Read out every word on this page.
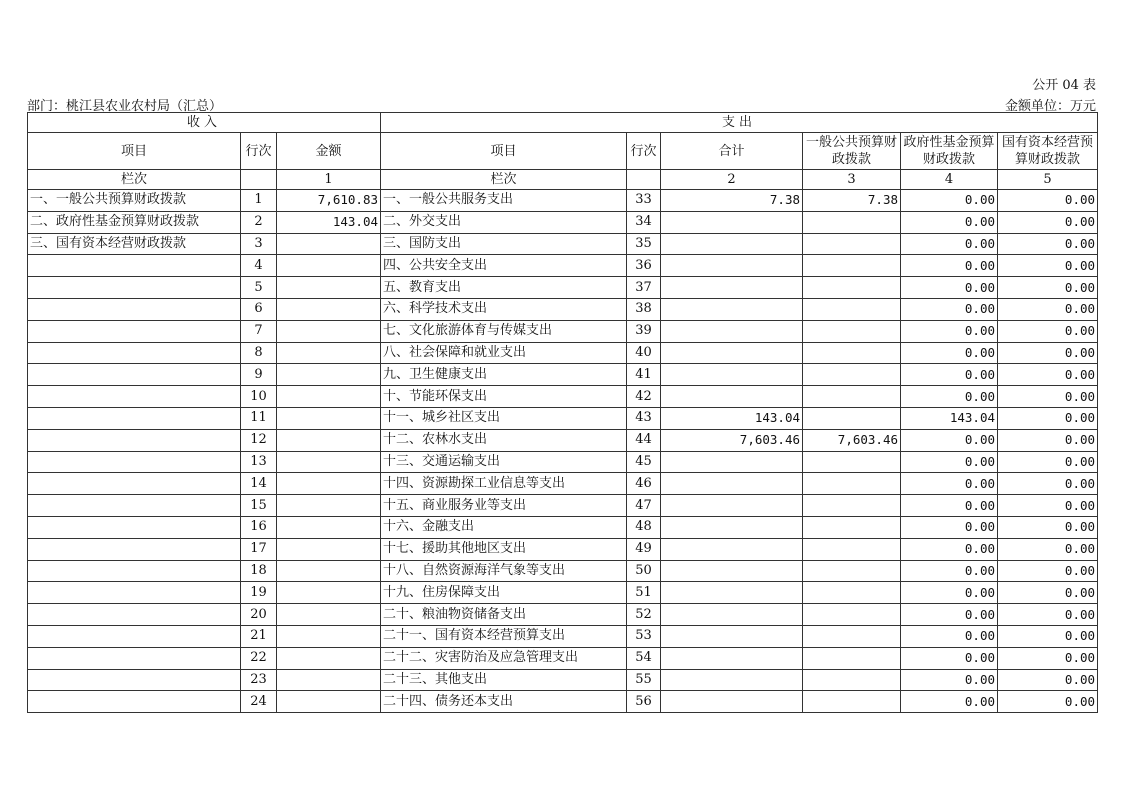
公开 04 表
部门：桃江县农业农村局（汇总）	金额单位：万元
收入			支出					
项目	行次	金额	项目	行次	合计	一般公共预算财政拨款	政府性基金预算财政拨款	国有资本经营预算财政拨款
栏次		1	栏次		2	3	4	5
一、一般公共预算财政拨款	1	7,610.83	一、一般公共服务支出	33	7.38	7.38	0.00	0.00
二、政府性基金预算财政拨款	2	143.04	二、外交支出	34			0.00	0.00
三、国有资本经营财政拨款	3		三、国防支出	35			0.00	0.00
	4		四、公共安全支出	36			0.00	0.00
	5		五、教育支出	37			0.00	0.00
	6		六、科学技术支出	38			0.00	0.00
	7		七、文化旅游体育与传媒支出	39			0.00	0.00
	8		八、社会保障和就业支出	40			0.00	0.00
	9		九、卫生健康支出	41			0.00	0.00
	10		十、节能环保支出	42			0.00	0.00
	11		十一、城乡社区支出	43	143.04		143.04	0.00
	12		十二、农林水支出	44	7,603.46	7,603.46	0.00	0.00
	13		十三、交通运输支出	45			0.00	0.00
	14		十四、资源勘探工业信息等支出	46			0.00	0.00
	15		十五、商业服务业等支出	47			0.00	0.00
	16		十六、金融支出	48			0.00	0.00
	17		十七、援助其他地区支出	49			0.00	0.00
	18		十八、自然资源海洋气象等支出	50			0.00	0.00
	19		十九、住房保障支出	51			0.00	0.00
	20		二十、粮油物资储备支出	52			0.00	0.00
	21		二十一、国有资本经营预算支出	53			0.00	0.00
	22		二十二、灾害防治及应急管理支出	54			0.00	0.00
	23		二十三、其他支出	55			0.00	0.00
	24		二十四、债务还本支出	56			0.00	0.00
